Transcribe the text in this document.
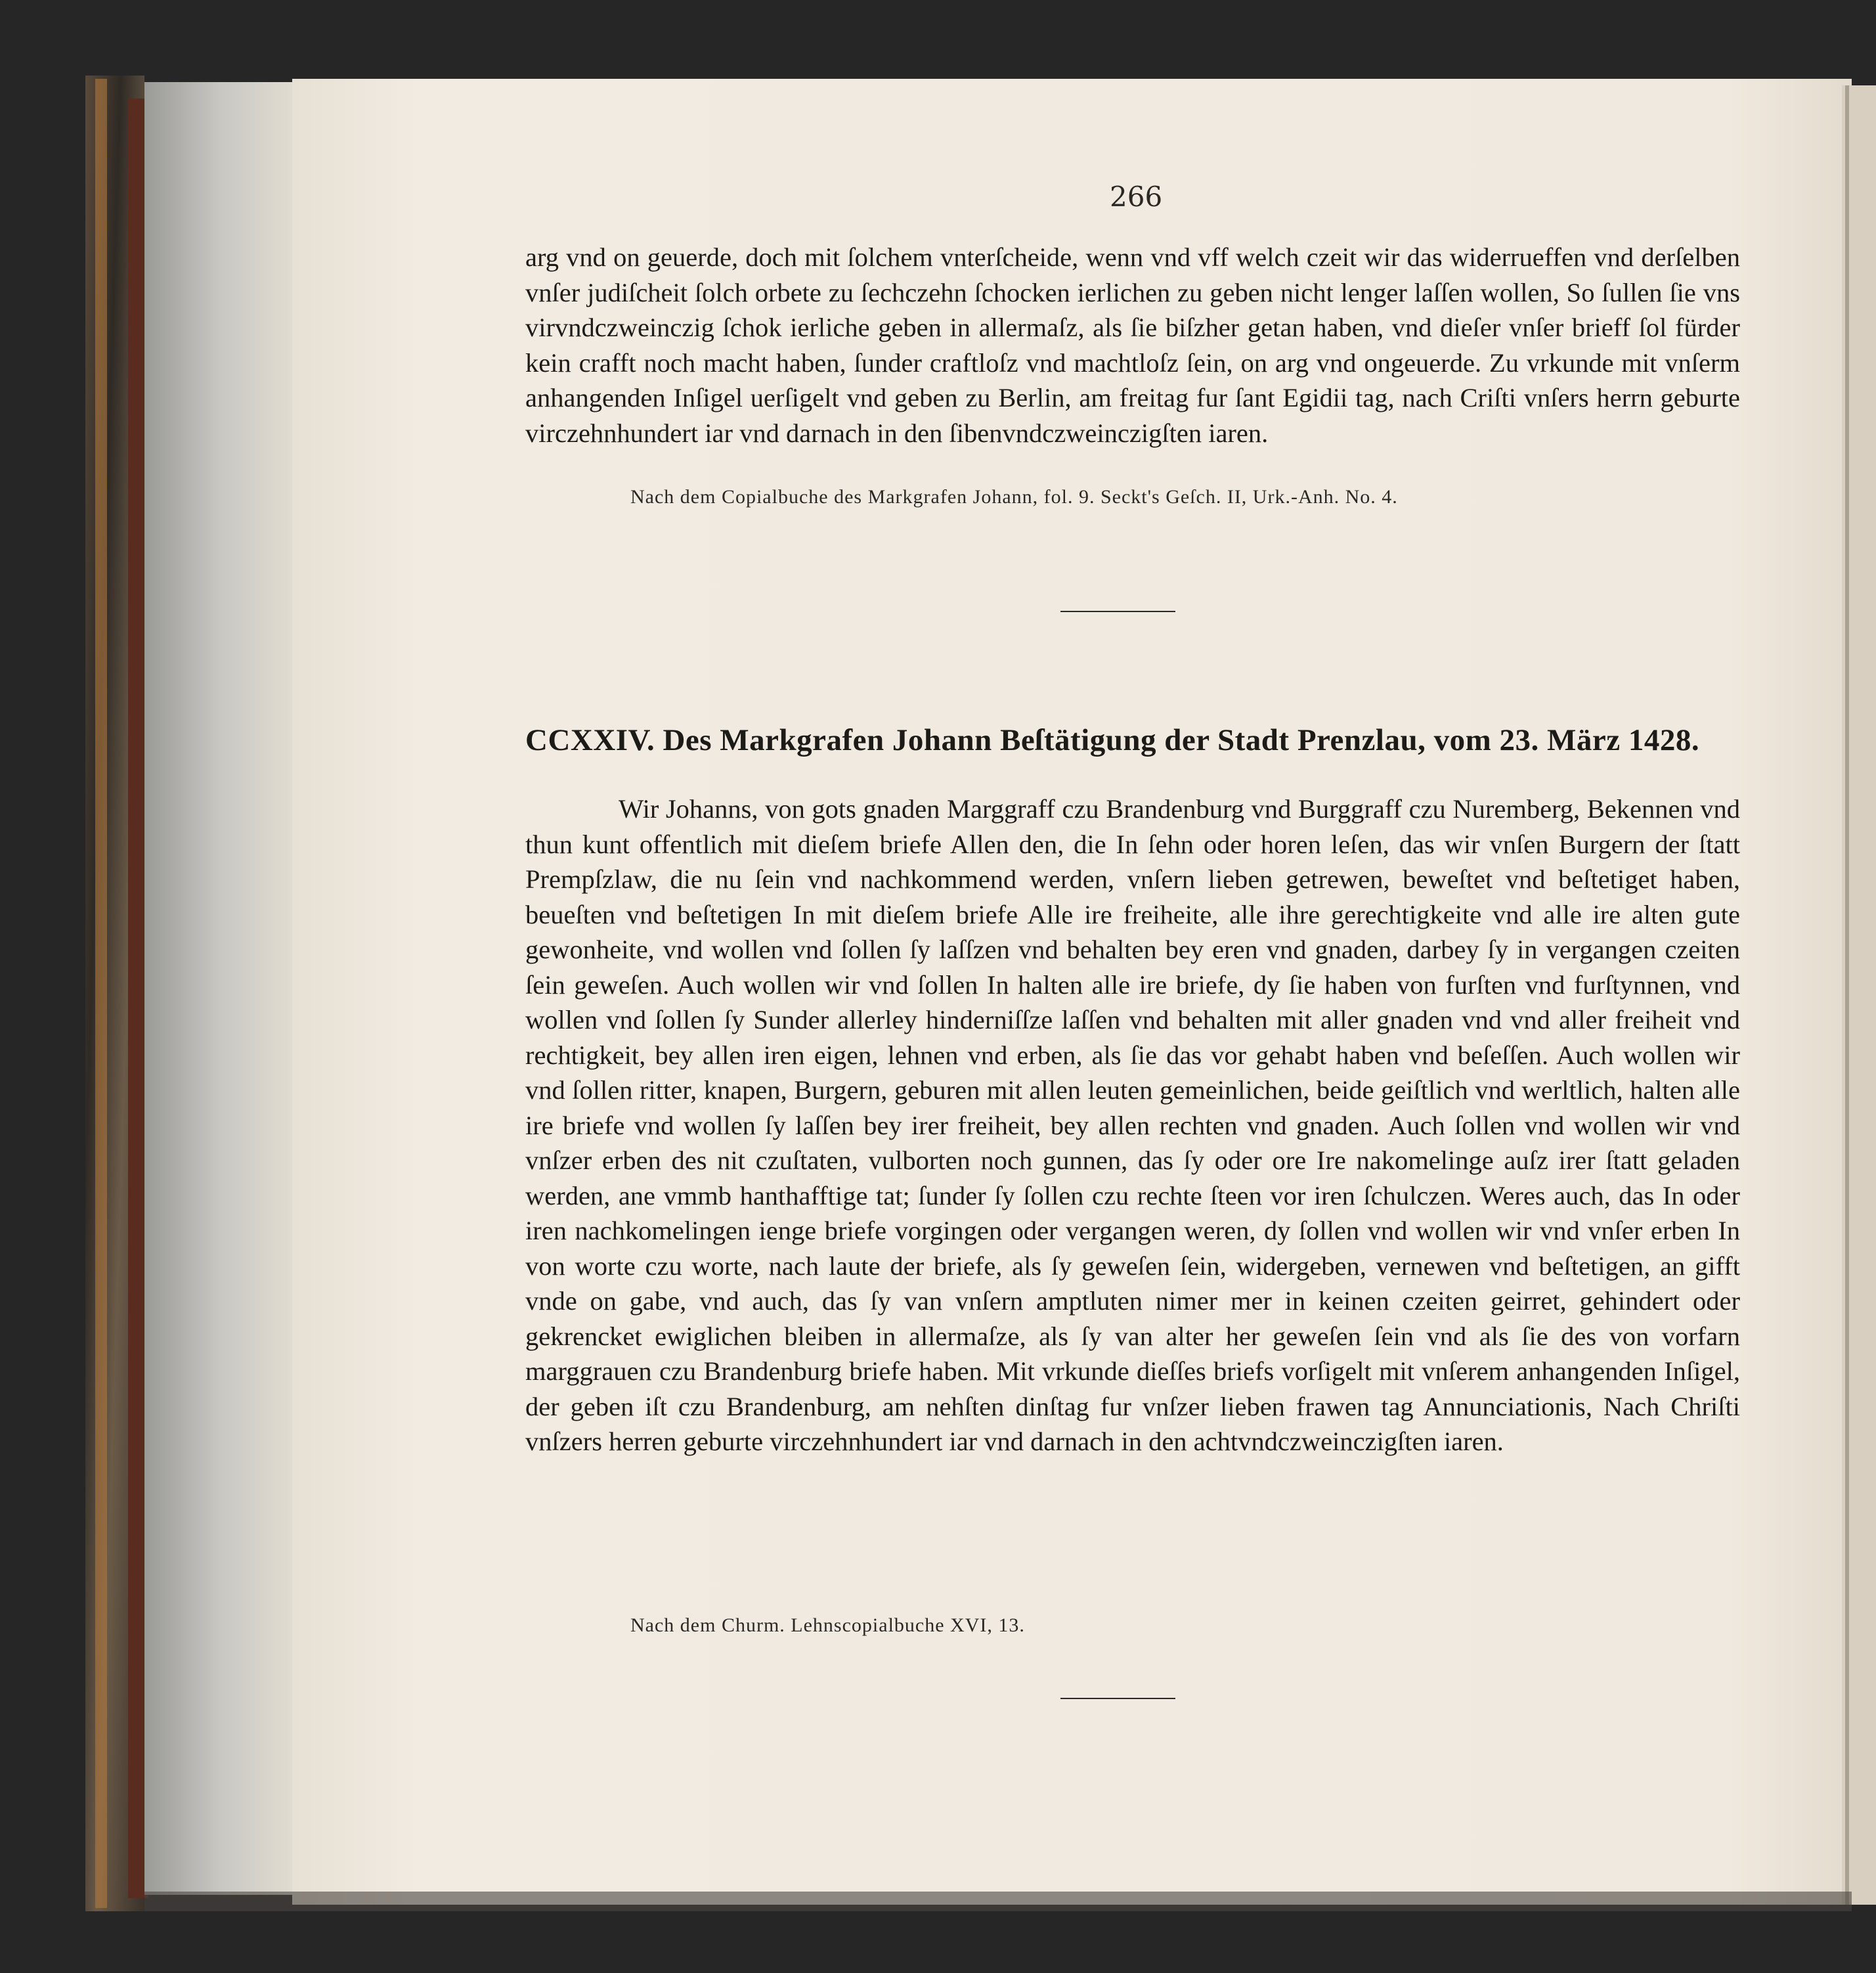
266

arg vnd on geuerde, doch mit ſolchem vnterſcheide, wenn vnd vff welch czeit wir das widerrueffen vnd derſelben vnſer judiſcheit ſolch orbete zu ſechczehn ſchocken ierlichen zu geben nicht lenger laſſen wollen, So ſullen ſie vns virvndczweinczig ſchok ierliche geben in allermaſz, als ſie biſzher getan haben, vnd dieſer vnſer brieff ſol fürder kein crafft noch macht haben, ſunder craftloſz vnd machtloſz ſein, on arg vnd ongeuerde. Zu vrkunde mit vnſerm anhangenden Inſigel uerſigelt vnd geben zu Berlin, am freitag fur ſant Egidii tag, nach Criſti vnſers herrn geburte virczehnhundert iar vnd darnach in den ſibenvndczweinczigſten iaren.

Nach dem Copialbuche des Markgrafen Johann, fol. 9. Seckt's Geſch. II, Urk.-Anh. No. 4.

CCXXIV. Des Markgrafen Johann Beſtätigung der Stadt Prenzlau, vom 23. März 1428.

Wir Johanns, von gots gnaden Marggraff czu Brandenburg vnd Burggraff czu Nuremberg, Bekennen vnd thun kunt offentlich mit dieſem briefe Allen den, die In ſehn oder horen leſen, das wir vnſen Burgern der ſtatt Prempſzlaw, die nu ſein vnd nachkommend werden, vnſern lieben getrewen, beweſtet vnd beſtetiget haben, beueſten vnd beſtetigen In mit dieſem briefe Alle ire freiheite, alle ihre gerechtigkeite vnd alle ire alten gute gewonheite, vnd wollen vnd ſollen ſy laſſzen vnd behalten bey eren vnd gnaden, darbey ſy in vergangen czeiten ſein geweſen. Auch wollen wir vnd ſollen In halten alle ire briefe, dy ſie haben von furſten vnd furſtynnen, vnd wollen vnd ſollen ſy Sunder allerley hinderniſſze laſſen vnd behalten mit aller gnaden vnd vnd aller freiheit vnd rechtigkeit, bey allen iren eigen, lehnen vnd erben, als ſie das vor gehabt haben vnd beſeſſen. Auch wollen wir vnd ſollen ritter, knapen, Burgern, geburen mit allen leuten gemeinlichen, beide geiſtlich vnd werltlich, halten alle ire briefe vnd wollen ſy laſſen bey irer freiheit, bey allen rechten vnd gnaden. Auch ſollen vnd wollen wir vnd vnſzer erben des nit czuſtaten, vulborten noch gunnen, das ſy oder ore Ire nakomelinge auſz irer ſtatt geladen werden, ane vmmb hanthafftige tat; ſunder ſy ſollen czu rechte ſteen vor iren ſchulczen. Weres auch, das In oder iren nachkomelingen ienge briefe vorgingen oder vergangen weren, dy ſollen vnd wollen wir vnd vnſer erben In von worte czu worte, nach laute der briefe, als ſy geweſen ſein, widergeben, vernewen vnd beſtetigen, an gifft vnde on gabe, vnd auch, das ſy van vnſern amptluten nimer mer in keinen czeiten geirret, gehindert oder gekrencket ewiglichen bleiben in allermaſze, als ſy van alter her geweſen ſein vnd als ſie des von vorfarn marggrauen czu Brandenburg briefe haben. Mit vrkunde dieſſes briefs vorſigelt mit vnſerem anhangenden Inſigel, der geben iſt czu Brandenburg, am nehſten dinſtag fur vnſzer lieben frawen tag Annunciationis, Nach Chriſti vnſzers herren geburte virczehnhundert iar vnd darnach in den achtvndczweinczigſten iaren.

Nach dem Churm. Lehnscopialbuche XVI, 13.
